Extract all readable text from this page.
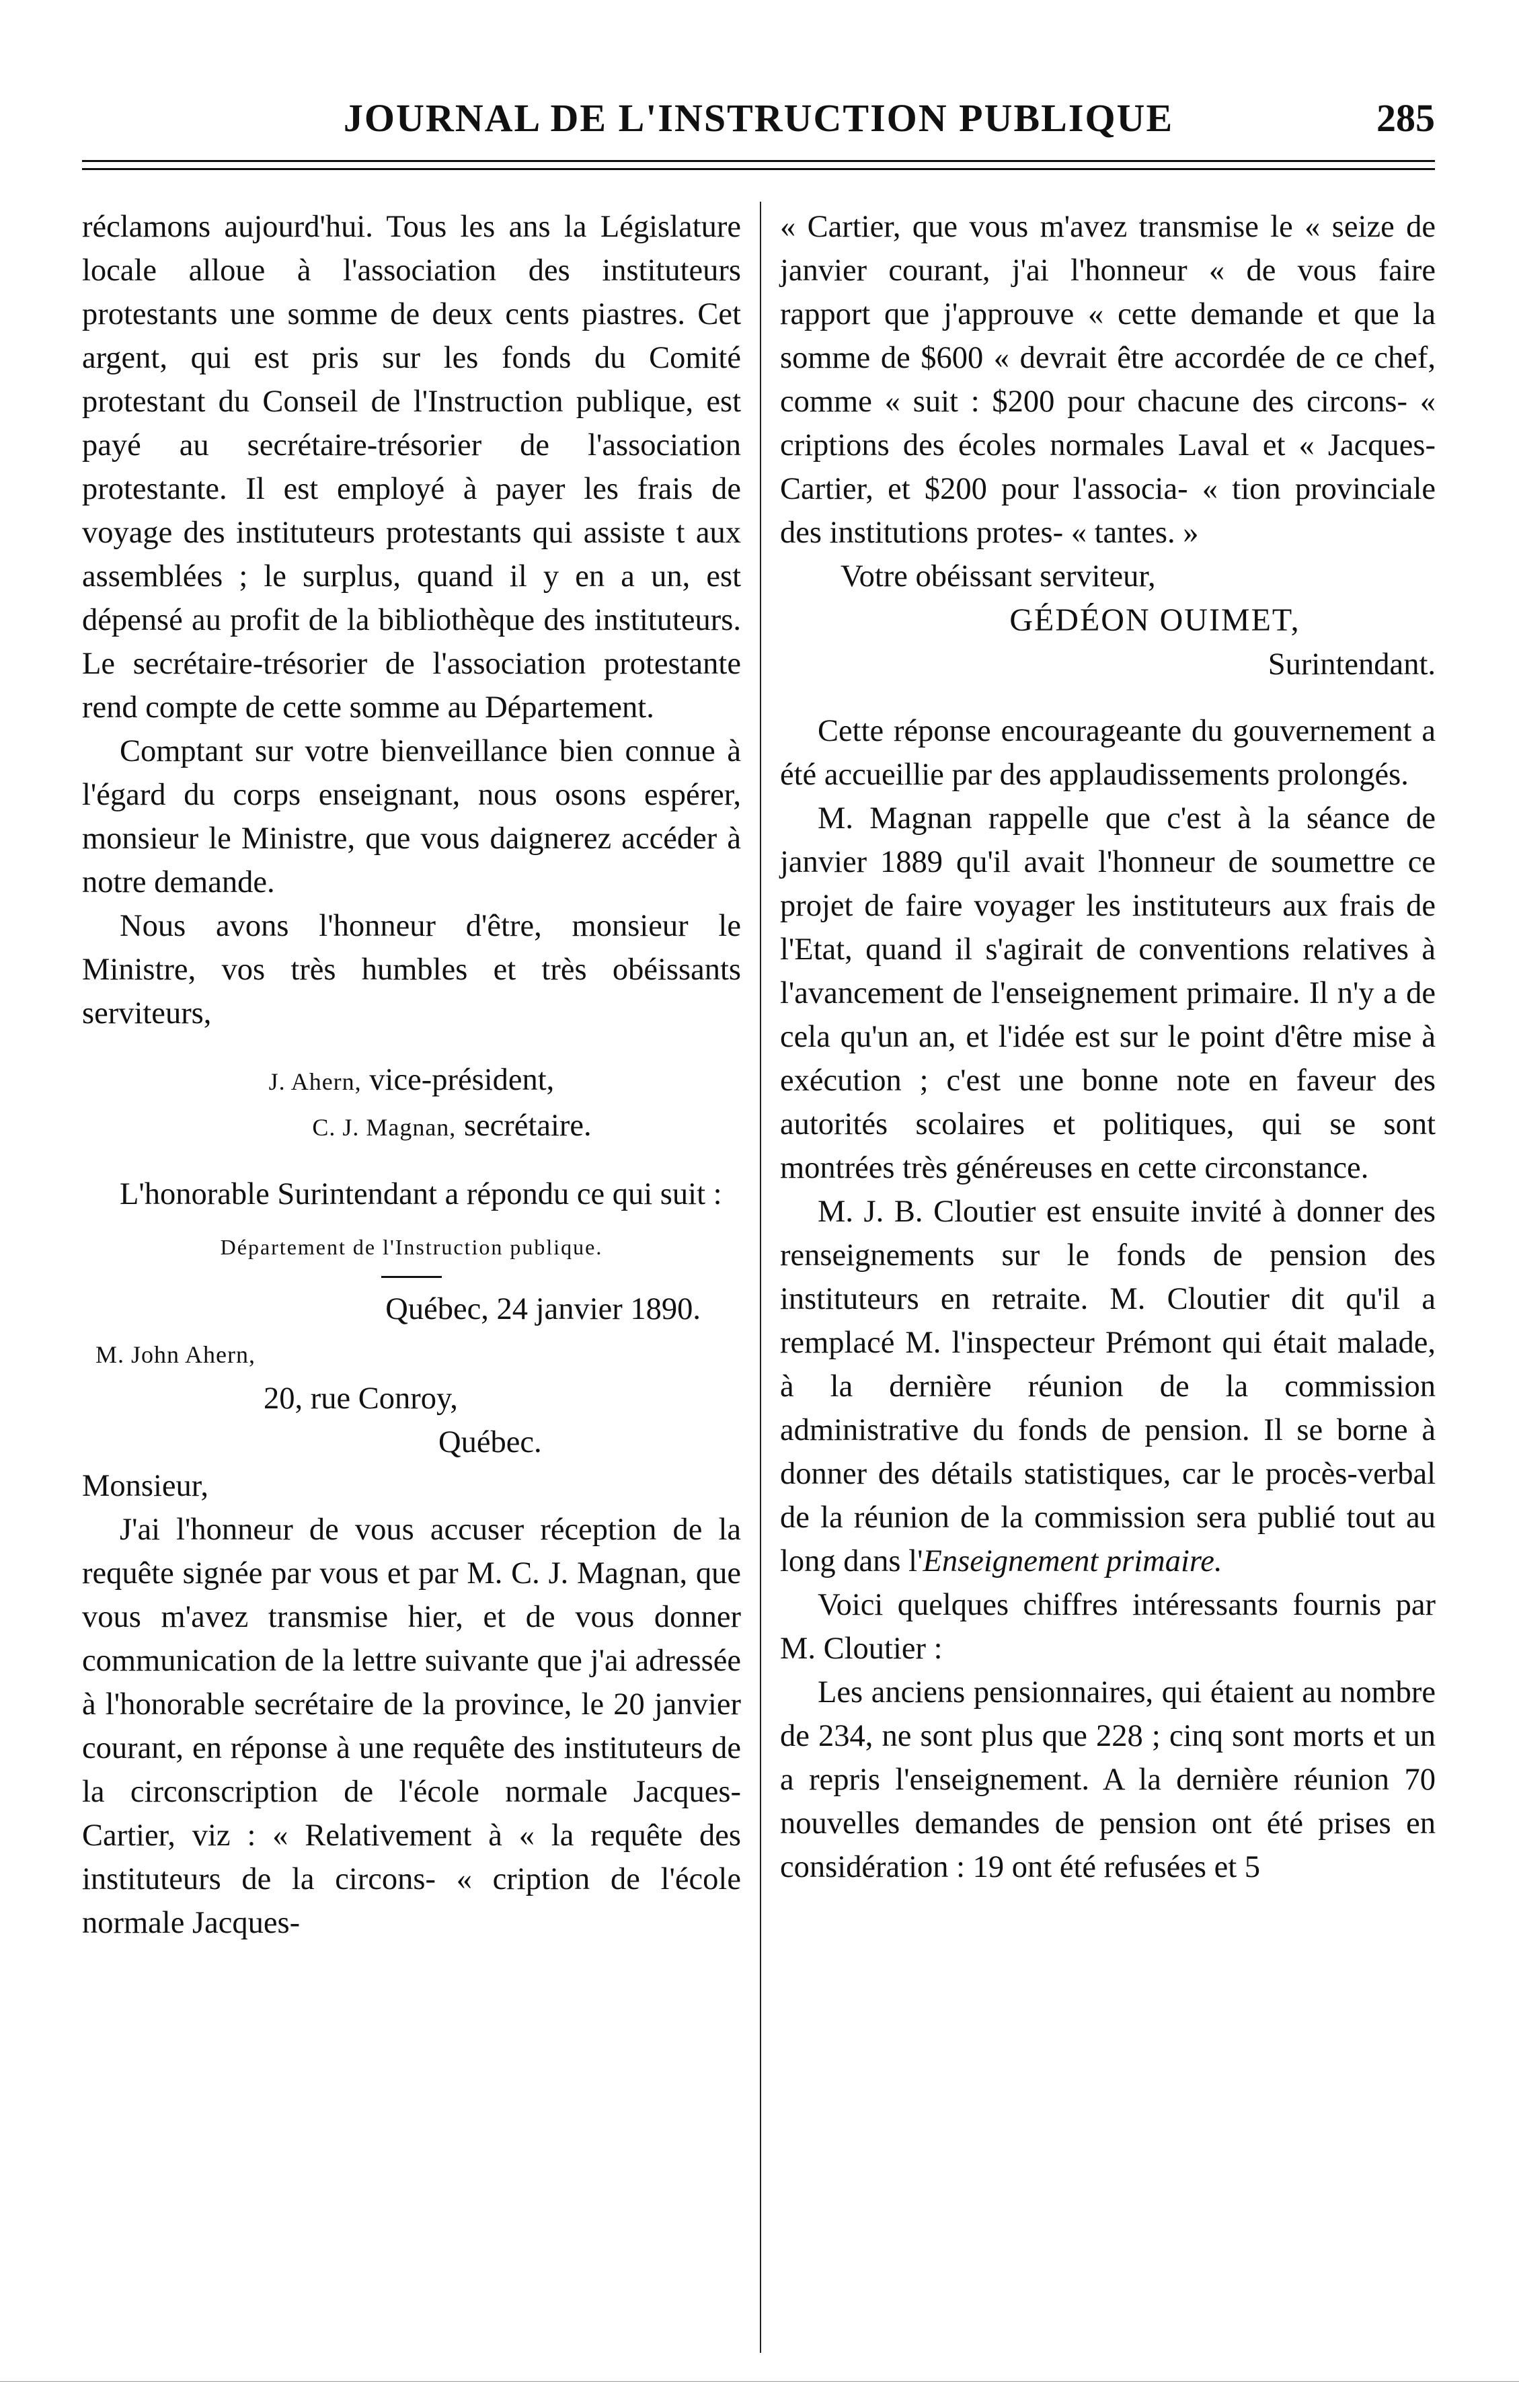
JOURNAL DE L'INSTRUCTION PUBLIQUE	285

réclamons aujourd'hui. Tous les ans la Législature locale alloue à l'association des instituteurs protestants une somme de deux cents piastres. Cet argent, qui est pris sur les fonds du Comité protestant du Conseil de l'Instruction publique, est payé au secrétaire-trésorier de l'association protestante. Il est employé à payer les frais de voyage des instituteurs protestants qui assiste t aux assemblées ; le surplus, quand il y en a un, est dépensé au profit de la bibliothèque des instituteurs. Le secrétaire-trésorier de l'association protestante rend compte de cette somme au Département.

Comptant sur votre bienveillance bien connue à l'égard du corps enseignant, nous osons espérer, monsieur le Ministre, que vous daignerez accéder à notre demande.

Nous avons l'honneur d'être, monsieur le Ministre, vos très humbles et très obéissants serviteurs,

J. Ahern, vice-président,

C. J. Magnan, secrétaire.

L'honorable Surintendant a répondu ce qui suit :

Département de l'Instruction publique.

Québec, 24 janvier 1890.

M. John Ahern,

20, rue Conroy,

Québec.

Monsieur,

J'ai l'honneur de vous accuser réception de la requête signée par vous et par M. C. J. Magnan, que vous m'avez transmise hier, et de vous donner communication de la lettre suivante que j'ai adressée à l'honorable secrétaire de la province, le 20 janvier courant, en réponse à une requête des instituteurs de la circonscription de l'école normale Jacques-Cartier, viz : « Relativement à « la requête des instituteurs de la circons- « cription de l'école normale Jacques-

« Cartier, que vous m'avez transmise le « seize de janvier courant, j'ai l'honneur « de vous faire rapport que j'approuve « cette demande et que la somme de $600 « devrait être accordée de ce chef, comme « suit : $200 pour chacune des circons- « criptions des écoles normales Laval et « Jacques-Cartier, et $200 pour l'associa- « tion provinciale des institutions protes- « tantes. »

Votre obéissant serviteur,

GÉDÉON OUIMET,

Surintendant.

Cette réponse encourageante du gouvernement a été accueillie par des applaudissements prolongés.

M. Magnan rappelle que c'est à la séance de janvier 1889 qu'il avait l'honneur de soumettre ce projet de faire voyager les instituteurs aux frais de l'Etat, quand il s'agirait de conventions relatives à l'avancement de l'enseignement primaire. Il n'y a de cela qu'un an, et l'idée est sur le point d'être mise à exécution ; c'est une bonne note en faveur des autorités scolaires et politiques, qui se sont montrées très généreuses en cette circonstance.

M. J. B. Cloutier est ensuite invité à donner des renseignements sur le fonds de pension des instituteurs en retraite. M. Cloutier dit qu'il a remplacé M. l'inspecteur Prémont qui était malade, à la dernière réunion de la commission administrative du fonds de pension. Il se borne à donner des détails statistiques, car le procès-verbal de la réunion de la commission sera publié tout au long dans l'Enseignement primaire.

Voici quelques chiffres intéressants fournis par M. Cloutier :

Les anciens pensionnaires, qui étaient au nombre de 234, ne sont plus que 228 ; cinq sont morts et un a repris l'enseignement. A la dernière réunion 70 nouvelles demandes de pension ont été prises en considération : 19 ont été refusées et 5
